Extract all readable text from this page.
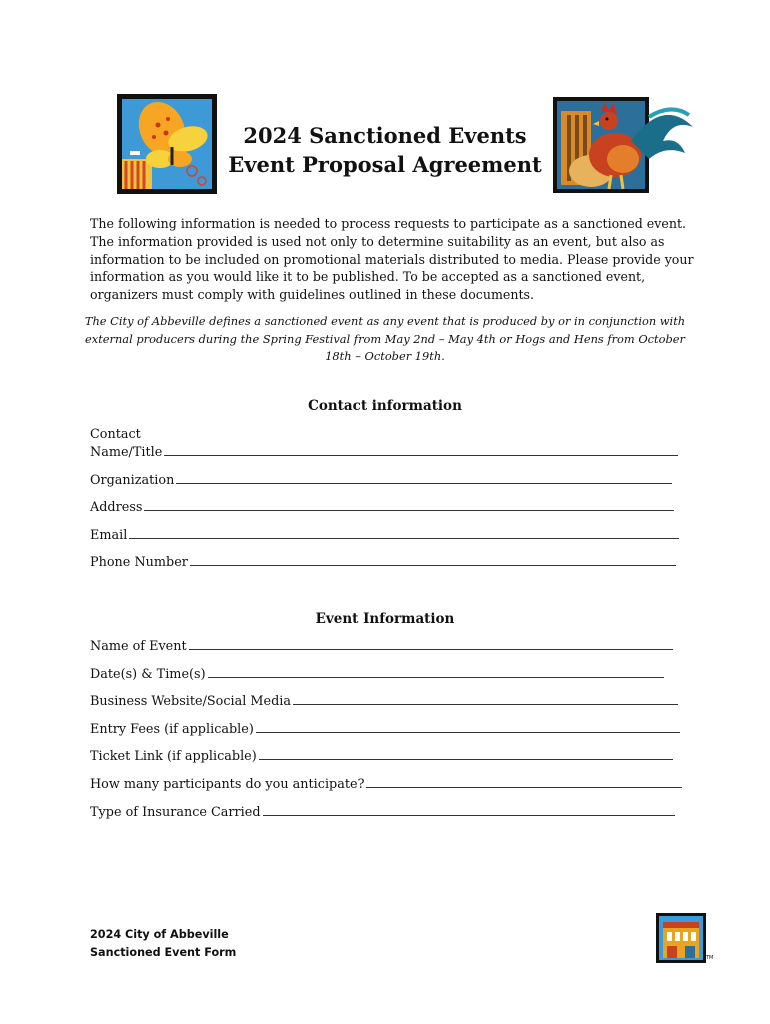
2024 Sanctioned Events
Event Proposal Agreement
The following information is needed to process requests to participate as a sanctioned event.
The information provided is used not only to determine suitability as an event, but also as
information to be included on promotional materials distributed to media. Please provide your
information as you would like it to be published. To be accepted as a sanctioned event,
organizers must comply with guidelines outlined in these documents.
The City of Abbeville defines a sanctioned event as any event that is produced by or in conjunction with
external producers during the Spring Festival from May 2nd – May 4th or Hogs and Hens from October
18th – October 19th.
Contact information
Contact
Name/Title
Organization
Address
Email
Phone Number
Event Information
Name of Event
Date(s) & Time(s)
Business Website/Social Media
Entry Fees (if applicable)
Ticket Link (if applicable)
How many participants do you anticipate?
Type of Insurance Carried
2024 City of Abbeville
Sanctioned Event Form	TM
